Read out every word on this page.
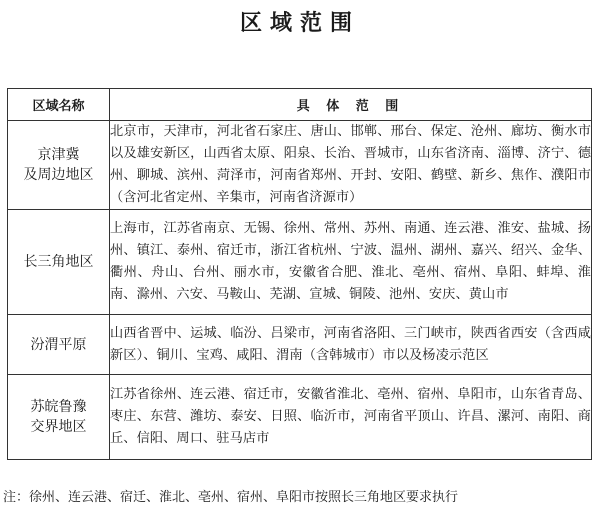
区域范围
区域名称	具 体 范 围
京津冀
及周边地区	北京市，天津市，河北省石家庄、唐山、邯郸、邢台、保定、沧州、廊坊、衡水市以及雄安新区，山西省太原、阳泉、长治、晋城市，山东省济南、淄博、济宁、德州、聊城、滨州、菏泽市，河南省郑州、开封、安阳、鹤壁、新乡、焦作、濮阳市（含河北省定州、辛集市，河南省济源市）
长三角地区	上海市，江苏省南京、无锡、徐州、常州、苏州、南通、连云港、淮安、盐城、扬州、镇江、泰州、宿迁市，浙江省杭州、宁波、温州、湖州、嘉兴、绍兴、金华、衢州、舟山、台州、丽水市，安徽省合肥、淮北、亳州、宿州、阜阳、蚌埠、淮南、滁州、六安、马鞍山、芜湖、宣城、铜陵、池州、安庆、黄山市
汾渭平原	山西省晋中、运城、临汾、吕梁市，河南省洛阳、三门峡市，陕西省西安（含西咸新区）、铜川、宝鸡、咸阳、渭南（含韩城市）市以及杨凌示范区
苏皖鲁豫
交界地区	江苏省徐州、连云港、宿迁市，安徽省淮北、亳州、宿州、阜阳市，山东省青岛、枣庄、东营、潍坊、泰安、日照、临沂市，河南省平顶山、许昌、漯河、南阳、商丘、信阳、周口、驻马店市
注：徐州、连云港、宿迁、淮北、亳州、宿州、阜阳市按照长三角地区要求执行
